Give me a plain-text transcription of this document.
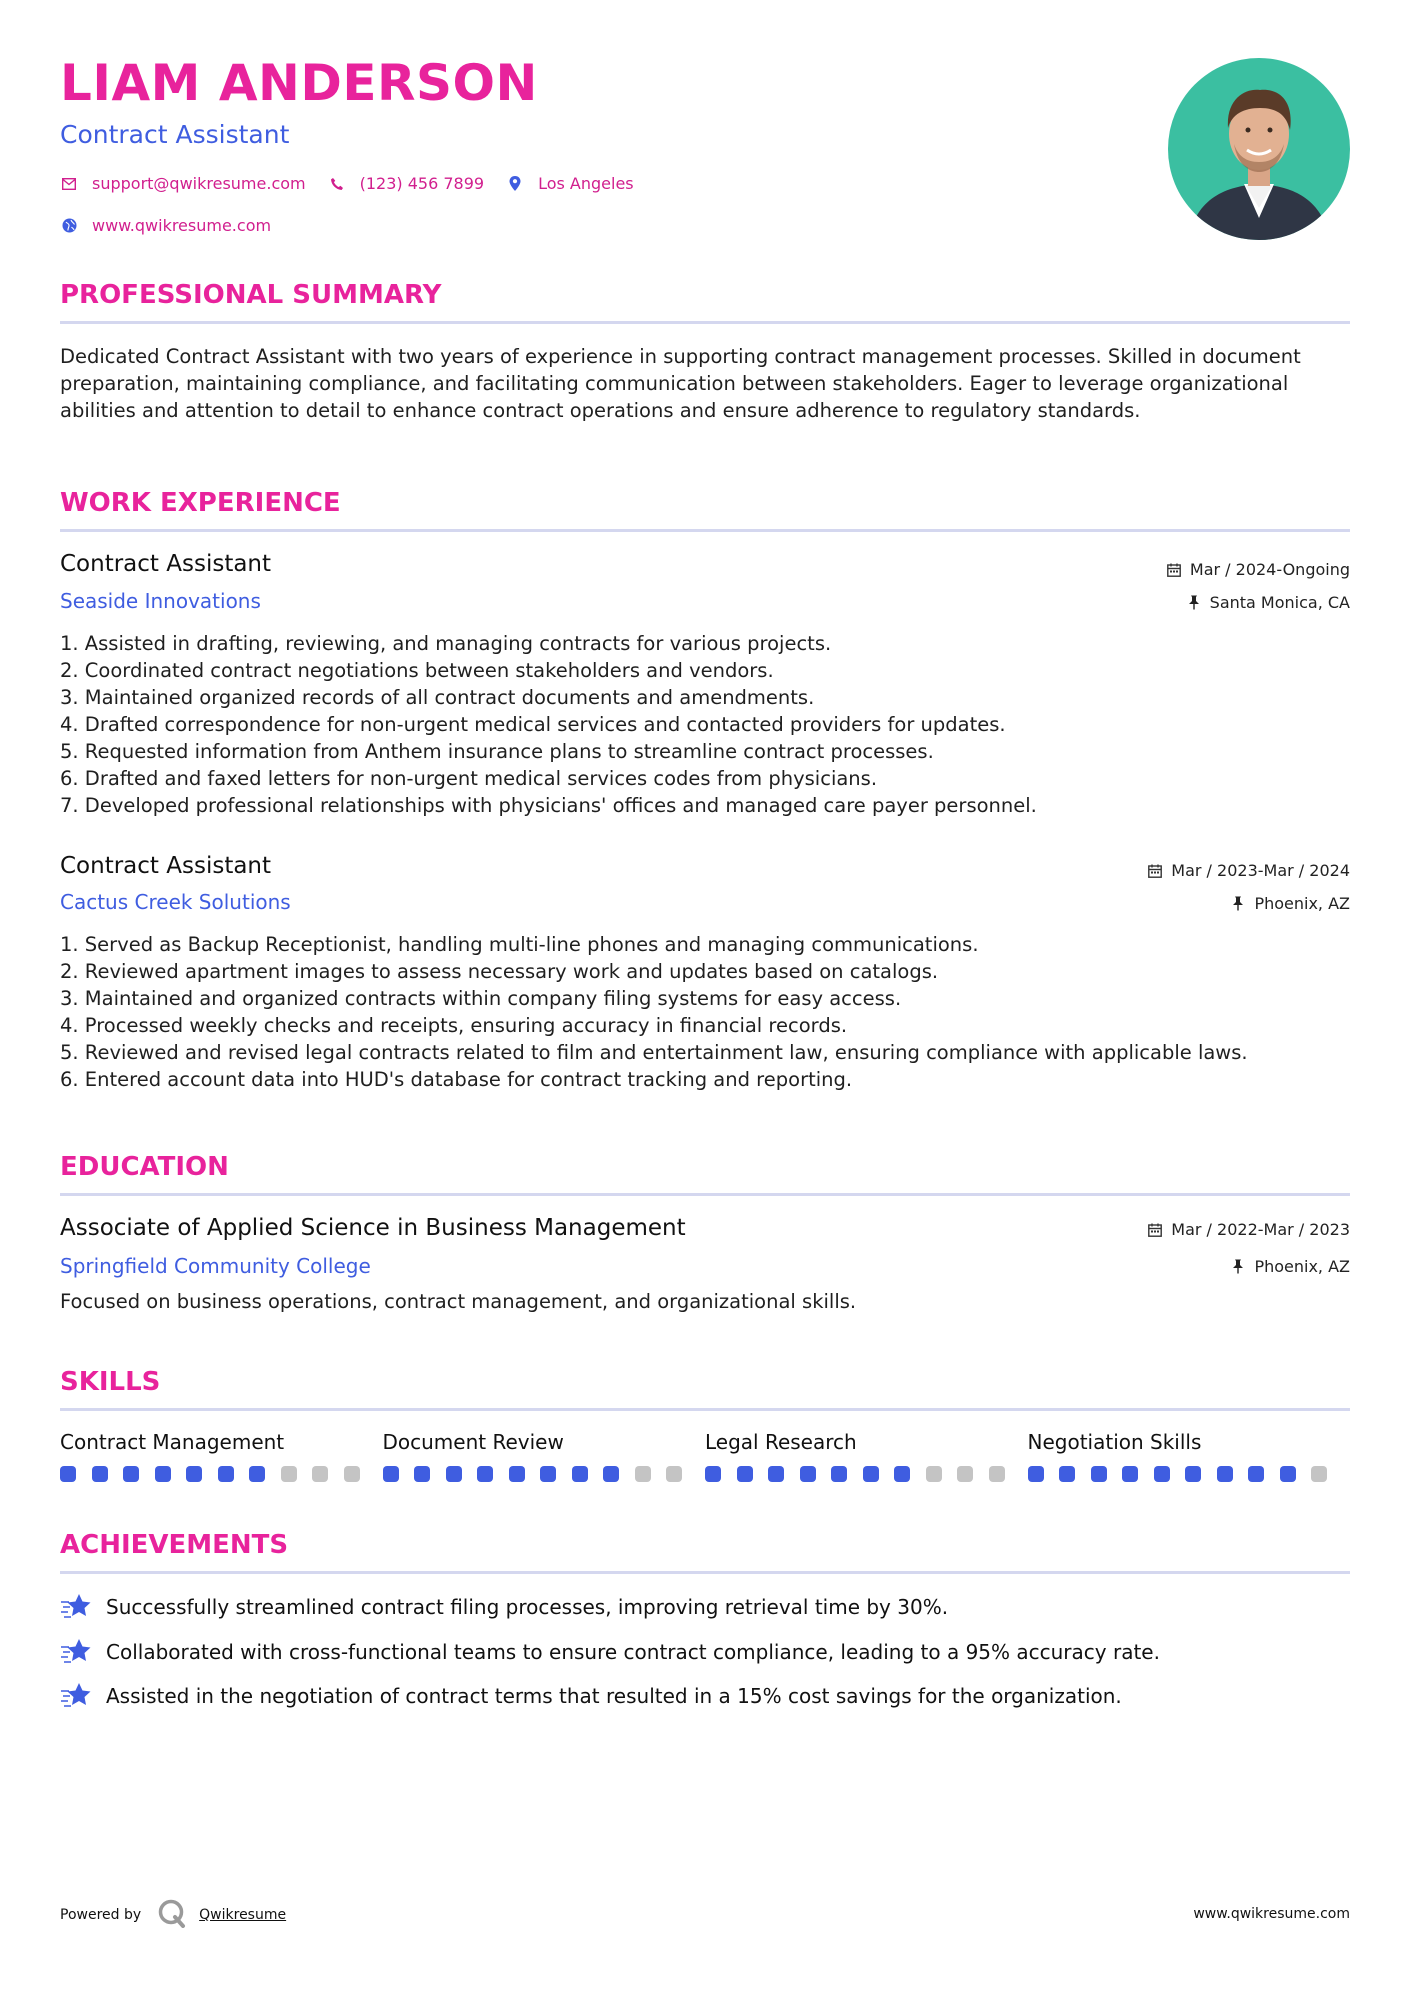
LIAM ANDERSON
Contract Assistant
support@qwikresume.com	(123) 456 7899	Los Angeles
www.qwikresume.com
PROFESSIONAL SUMMARY
Dedicated Contract Assistant with two years of experience in supporting contract management processes. Skilled in document preparation, maintaining compliance, and facilitating communication between stakeholders. Eager to leverage organizational abilities and attention to detail to enhance contract operations and ensure adherence to regulatory standards.
WORK EXPERIENCE
Contract Assistant
Seaside Innovations
Mar / 2024-Ongoing
Santa Monica, CA
1. Assisted in drafting, reviewing, and managing contracts for various projects.
2. Coordinated contract negotiations between stakeholders and vendors.
3. Maintained organized records of all contract documents and amendments.
4. Drafted correspondence for non-urgent medical services and contacted providers for updates.
5. Requested information from Anthem insurance plans to streamline contract processes.
6. Drafted and faxed letters for non-urgent medical services codes from physicians.
7. Developed professional relationships with physicians' offices and managed care payer personnel.
Contract Assistant
Cactus Creek Solutions
Mar / 2023-Mar / 2024
Phoenix, AZ
1. Served as Backup Receptionist, handling multi-line phones and managing communications.
2. Reviewed apartment images to assess necessary work and updates based on catalogs.
3. Maintained and organized contracts within company filing systems for easy access.
4. Processed weekly checks and receipts, ensuring accuracy in financial records.
5. Reviewed and revised legal contracts related to film and entertainment law, ensuring compliance with applicable laws.
6. Entered account data into HUD's database for contract tracking and reporting.
EDUCATION
Associate of Applied Science in Business Management
Springfield Community College
Mar / 2022-Mar / 2023
Phoenix, AZ
Focused on business operations, contract management, and organizational skills.
SKILLS
Contract Management	Document Review	Legal Research	Negotiation Skills
ACHIEVEMENTS
Successfully streamlined contract filing processes, improving retrieval time by 30%.
Collaborated with cross-functional teams to ensure contract compliance, leading to a 95% accuracy rate.
Assisted in the negotiation of contract terms that resulted in a 15% cost savings for the organization.
Powered by	Qwikresume	www.qwikresume.com
